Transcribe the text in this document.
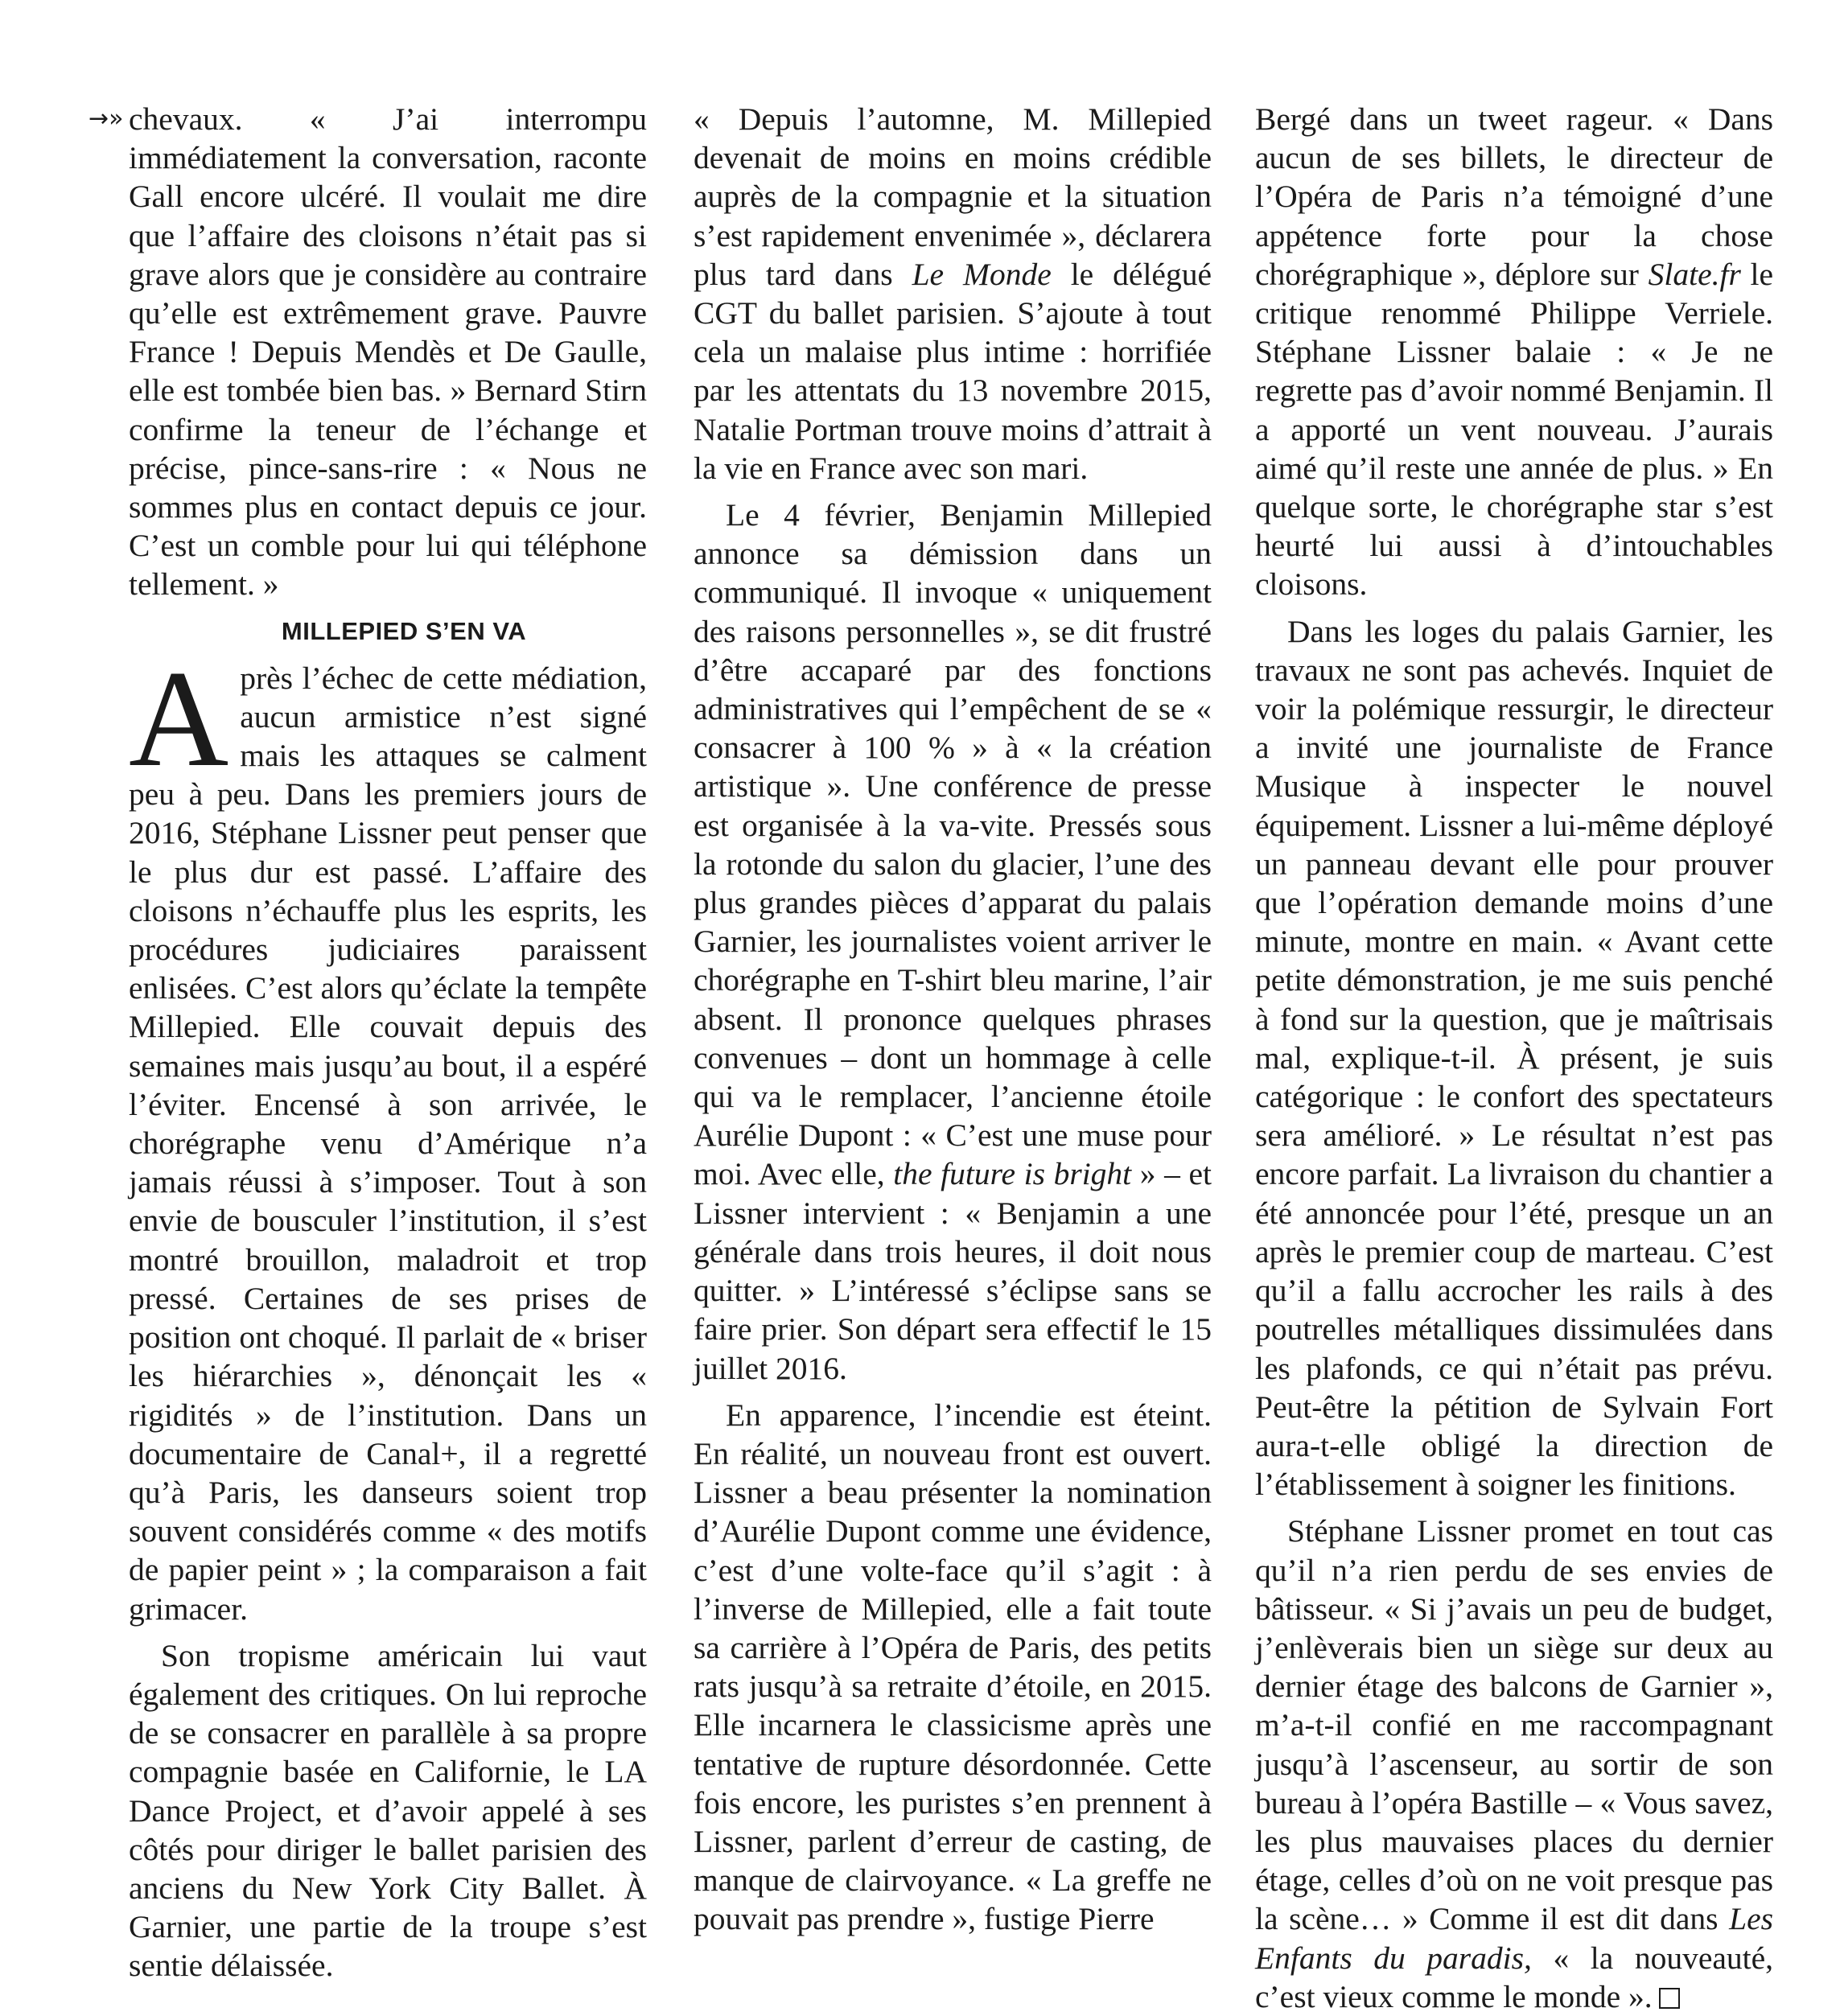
→» chevaux. « J’ai interrompu immédiatement la conversation, raconte Gall encore ulcéré. Il voulait me dire que l’affaire des cloisons n’était pas si grave alors que je considère au contraire qu’elle est extrêmement grave. Pauvre France ! Depuis Mendès et De Gaulle, elle est tombée bien bas. » Bernard Stirn confirme la teneur de l’échange et précise, pince-sans-rire : « Nous ne sommes plus en contact depuis ce jour. C’est un comble pour lui qui téléphone tellement. »

MILLEPIED S’EN VA

Après l’échec de cette médiation, aucun armistice n’est signé mais les attaques se calment peu à peu. Dans les premiers jours de 2016, Stéphane Lissner peut penser que le plus dur est passé. L’affaire des cloisons n’échauffe plus les esprits, les procédures judiciaires paraissent enlisées. C’est alors qu’éclate la tempête Millepied. Elle couvait depuis des semaines mais jusqu’au bout, il a espéré l’éviter. Encensé à son arrivée, le chorégraphe venu d’Amérique n’a jamais réussi à s’imposer. Tout à son envie de bousculer l’institution, il s’est montré brouillon, maladroit et trop pressé. Certaines de ses prises de position ont choqué. Il parlait de « briser les hiérarchies », dénonçait les « rigidités » de l’institution. Dans un documentaire de Canal+, il a regretté qu’à Paris, les danseurs soient trop souvent considérés comme « des motifs de papier peint » ; la comparaison a fait grimacer.

Son tropisme américain lui vaut également des critiques. On lui reproche de se consacrer en parallèle à sa propre compagnie basée en Californie, le LA Dance Project, et d’avoir appelé à ses côtés pour diriger le ballet parisien des anciens du New York City Ballet. À Garnier, une partie de la troupe s’est sentie délaissée.

« Depuis l’automne, M. Millepied devenait de moins en moins crédible auprès de la compagnie et la situation s’est rapidement envenimée », déclarera plus tard dans Le Monde le délégué CGT du ballet parisien. S’ajoute à tout cela un malaise plus intime : horrifiée par les attentats du 13 novembre 2015, Natalie Portman trouve moins d’attrait à la vie en France avec son mari.

Le 4 février, Benjamin Millepied annonce sa démission dans un communiqué. Il invoque « uniquement des raisons personnelles », se dit frustré d’être accaparé par des fonctions administratives qui l’empêchent de se « consacrer à 100 % » à « la création artistique ». Une conférence de presse est organisée à la va-vite. Pressés sous la rotonde du salon du glacier, l’une des plus grandes pièces d’apparat du palais Garnier, les journalistes voient arriver le chorégraphe en T-shirt bleu marine, l’air absent. Il prononce quelques phrases convenues – dont un hommage à celle qui va le remplacer, l’ancienne étoile Aurélie Dupont : « C’est une muse pour moi. Avec elle, the future is bright » – et Lissner intervient : « Benjamin a une générale dans trois heures, il doit nous quitter. » L’intéressé s’éclipse sans se faire prier. Son départ sera effectif le 15 juillet 2016.

En apparence, l’incendie est éteint. En réalité, un nouveau front est ouvert. Lissner a beau présenter la nomination d’Aurélie Dupont comme une évidence, c’est d’une volte-face qu’il s’agit : à l’inverse de Millepied, elle a fait toute sa carrière à l’Opéra de Paris, des petits rats jusqu’à sa retraite d’étoile, en 2015. Elle incarnera le classicisme après une tentative de rupture désordonnée. Cette fois encore, les puristes s’en prennent à Lissner, parlent d’erreur de casting, de manque de clairvoyance. « La greffe ne pouvait pas prendre », fustige Pierre

Bergé dans un tweet rageur. « Dans aucun de ses billets, le directeur de l’Opéra de Paris n’a témoigné d’une appétence forte pour la chose chorégraphique », déplore sur Slate.fr le critique renommé Philippe Verriele. Stéphane Lissner balaie : « Je ne regrette pas d’avoir nommé Benjamin. Il a apporté un vent nouveau. J’aurais aimé qu’il reste une année de plus. » En quelque sorte, le chorégraphe star s’est heurté lui aussi à d’intouchables cloisons.

Dans les loges du palais Garnier, les travaux ne sont pas achevés. Inquiet de voir la polémique ressurgir, le directeur a invité une journaliste de France Musique à inspecter le nouvel équipement. Lissner a lui-même déployé un panneau devant elle pour prouver que l’opération demande moins d’une minute, montre en main. « Avant cette petite démonstration, je me suis penché à fond sur la question, que je maîtrisais mal, explique-t-il. À présent, je suis catégorique : le confort des spectateurs sera amélioré. » Le résultat n’est pas encore parfait. La livraison du chantier a été annoncée pour l’été, presque un an après le premier coup de marteau. C’est qu’il a fallu accrocher les rails à des poutrelles métalliques dissimulées dans les plafonds, ce qui n’était pas prévu. Peut-être la pétition de Sylvain Fort aura-t-elle obligé la direction de l’établissement à soigner les finitions.

Stéphane Lissner promet en tout cas qu’il n’a rien perdu de ses envies de bâtisseur. « Si j’avais un peu de budget, j’enlèverais bien un siège sur deux au dernier étage des balcons de Garnier », m’a-t-il confié en me raccompagnant jusqu’à l’ascenseur, au sortir de son bureau à l’opéra Bastille – « Vous savez, les plus mauvaises places du dernier étage, celles d’où on ne voit presque pas la scène… » Comme il est dit dans Les Enfants du paradis, « la nouveauté, c’est vieux comme le monde ».
